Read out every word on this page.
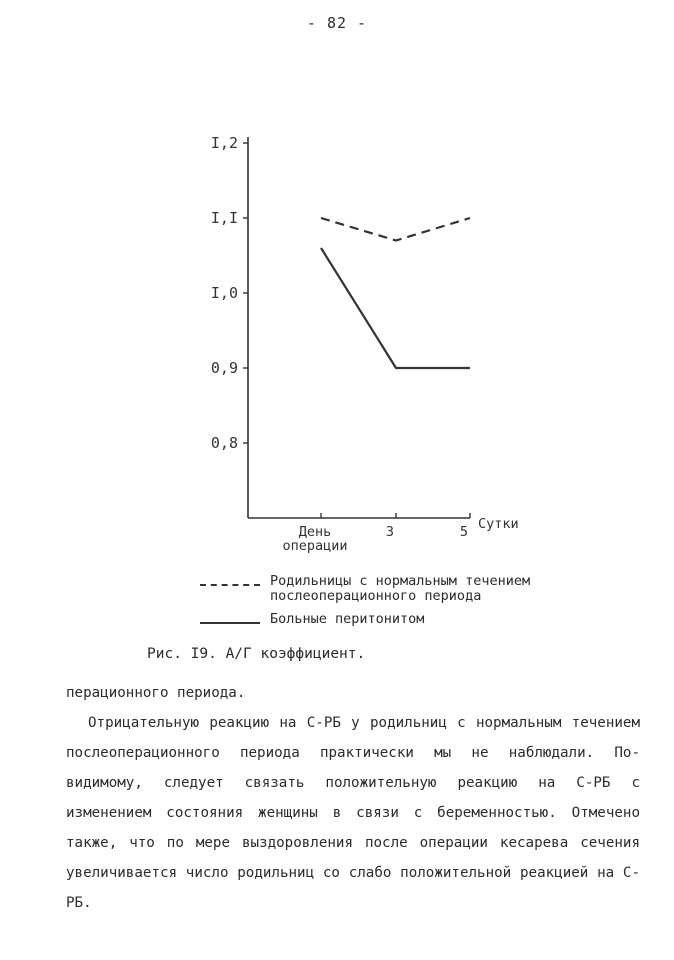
- 82 -
I,2
I,I
I,0
0,9
0,8
День
операции
3	5 Сутки
Родильницы с нормальным течением
послеоперационного периода
Больные перитонитом
Рис. I9. А/Г коэффициент.

перационного периода.

Отрицательную реакцию на С-РБ у родильниц с нормальным течением послеоперационного периода практически мы не наблюдали. По-видимому, следует связать положительную реакцию на С-РБ с изменением состояния женщины в связи с беременностью. Отмечено также, что по мере выздоровления после операции кесарева сечения увеличивается число родильниц со слабо положительной реакцией на С-РБ.
